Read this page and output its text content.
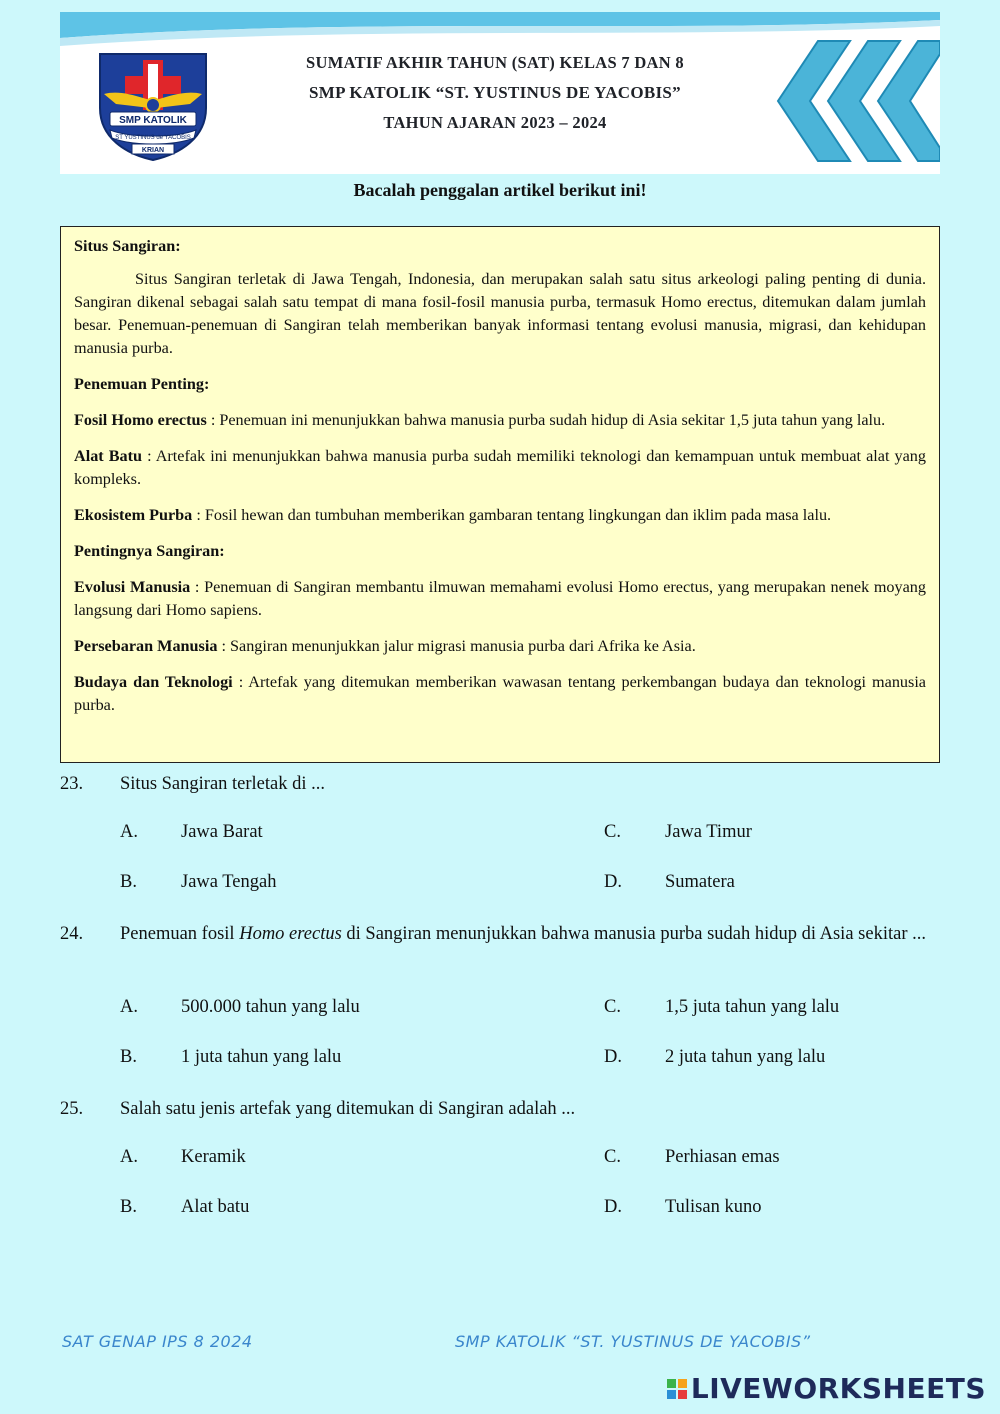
SMP KATOLIK
ST YUSTINUS de YACOBIS
KRIAN
SUMATIF AKHIR TAHUN (SAT) KELAS 7 DAN 8
SMP KATOLIK “ST. YUSTINUS DE YACOBIS”
TAHUN AJARAN 2023 – 2024
Bacalah penggalan artikel berikut ini!

Situs Sangiran:

Situs Sangiran terletak di Jawa Tengah, Indonesia, dan merupakan salah satu situs arkeologi paling penting di dunia. Sangiran dikenal sebagai salah satu tempat di mana fosil-fosil manusia purba, termasuk Homo erectus, ditemukan dalam jumlah besar. Penemuan-penemuan di Sangiran telah memberikan banyak informasi tentang evolusi manusia, migrasi, dan kehidupan manusia purba.

Penemuan Penting:

Fosil Homo erectus : Penemuan ini menunjukkan bahwa manusia purba sudah hidup di Asia sekitar 1,5 juta tahun yang lalu.

Alat Batu : Artefak ini menunjukkan bahwa manusia purba sudah memiliki teknologi dan kemampuan untuk membuat alat yang kompleks.

Ekosistem Purba : Fosil hewan dan tumbuhan memberikan gambaran tentang lingkungan dan iklim pada masa lalu.

Pentingnya Sangiran:

Evolusi Manusia : Penemuan di Sangiran membantu ilmuwan memahami evolusi Homo erectus, yang merupakan nenek moyang langsung dari Homo sapiens.

Persebaran Manusia : Sangiran menunjukkan jalur migrasi manusia purba dari Afrika ke Asia.

Budaya dan Teknologi : Artefak yang ditemukan memberikan wawasan tentang perkembangan budaya dan teknologi manusia purba.

23. Situs Sangiran terletak di ...
A. Jawa Barat	C. Jawa Timur
B. Jawa Tengah	D. Sumatera
24. Penemuan fosil Homo erectus di Sangiran menunjukkan bahwa manusia purba sudah hidup di Asia sekitar ...
A. 500.000 tahun yang lalu	C. 1,5 juta tahun yang lalu
B. 1 juta tahun yang lalu	D. 2 juta tahun yang lalu
25. Salah satu jenis artefak yang ditemukan di Sangiran adalah ...
A. Keramik	C. Perhiasan emas
B. Alat batu	D. Tulisan kuno
SAT GENAP IPS 8 2024	SMP KATOLIK “ST. YUSTINUS DE YACOBIS”
LIVEWORKSHEETS
